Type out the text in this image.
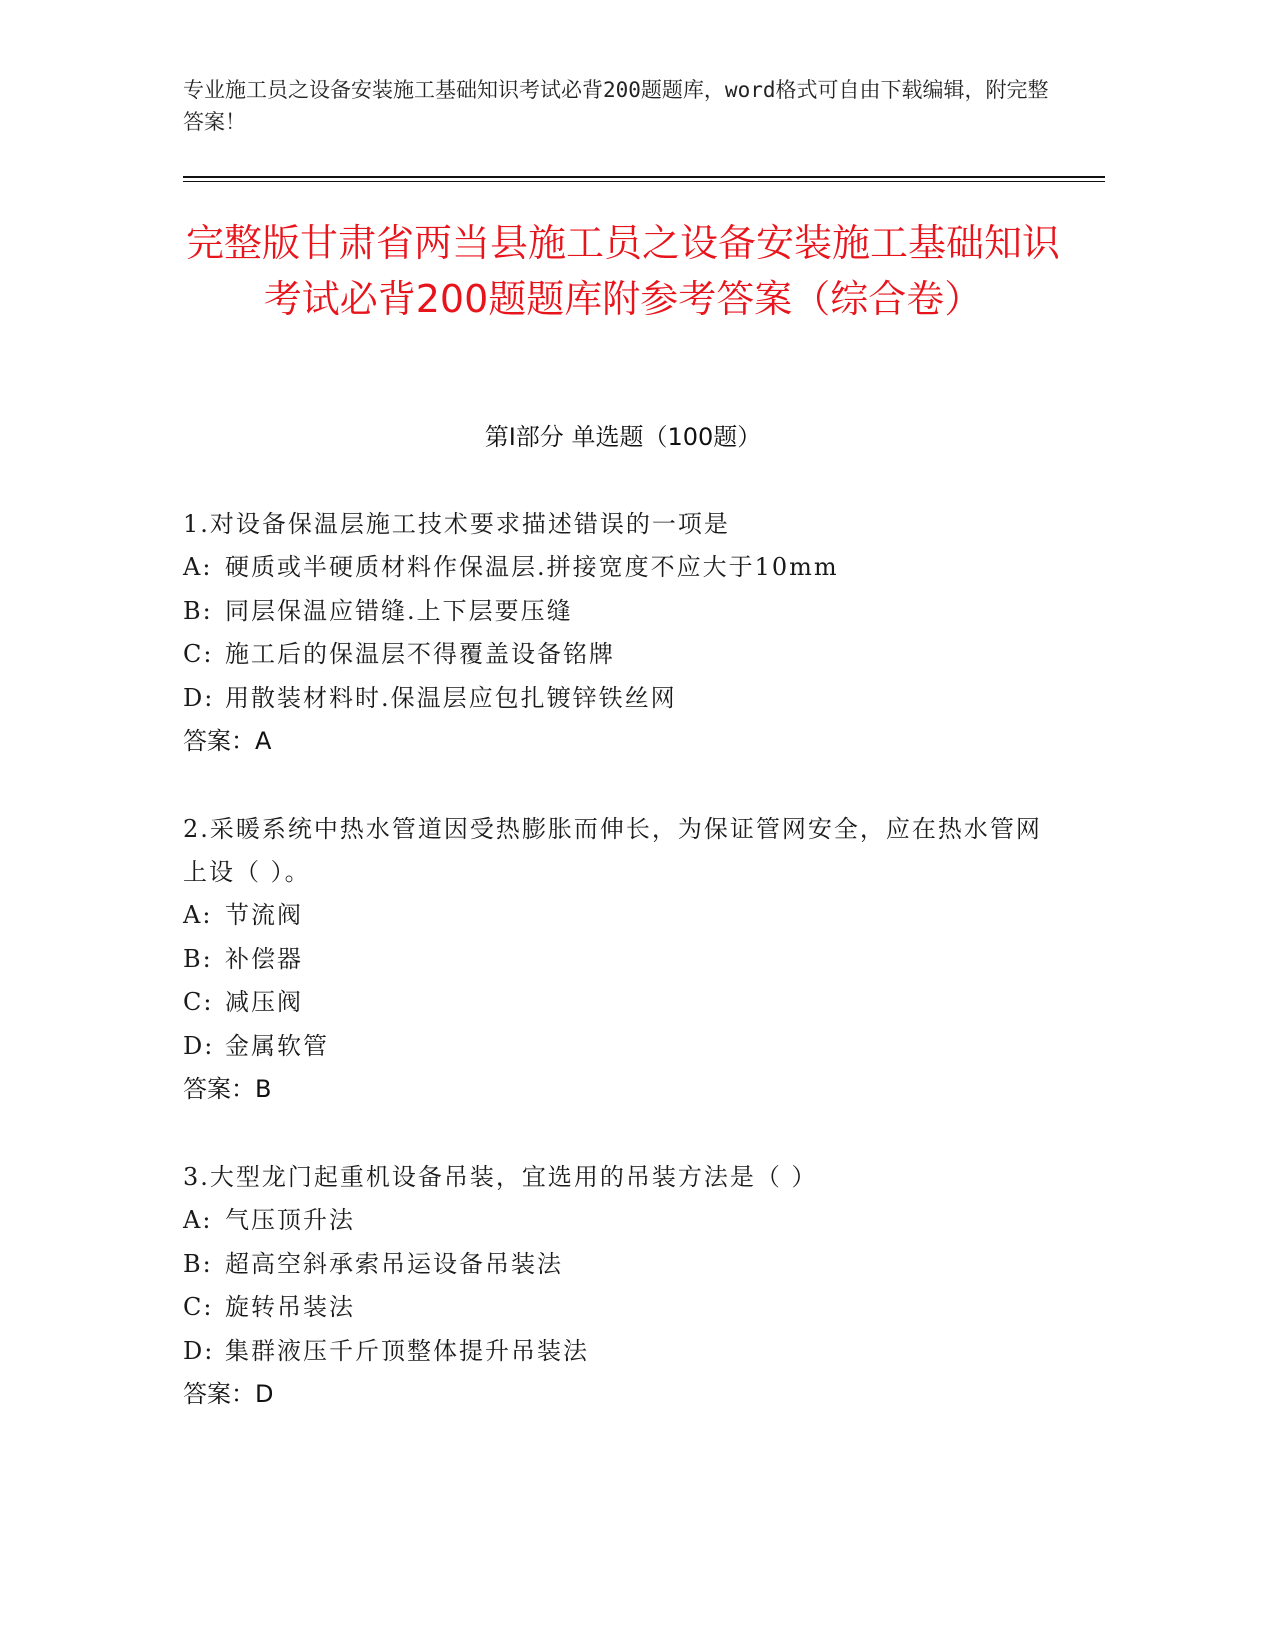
专业施工员之设备安装施工基础知识考试必背200题题库，word格式可自由下载编辑，附完整答案！

完整版甘肃省两当县施工员之设备安装施工基础知识考试必背200题题库附参考答案（综合卷）
第Ⅰ部分 单选题（100题）

1.对设备保温层施工技术要求描述错误的一项是

A: 硬质或半硬质材料作保温层.拼接宽度不应大于10mm

B: 同层保温应错缝.上下层要压缝

C: 施工后的保温层不得覆盖设备铭牌

D: 用散装材料时.保温层应包扎镀锌铁丝网

答案：A

2.采暖系统中热水管道因受热膨胀而伸长，为保证管网安全，应在热水管网上设（ ）。

A: 节流阀

B: 补偿器

C: 减压阀

D: 金属软管

答案：B

3.大型龙门起重机设备吊装，宜选用的吊装方法是（ ）

A: 气压顶升法

B: 超高空斜承索吊运设备吊装法

C: 旋转吊装法

D: 集群液压千斤顶整体提升吊装法

答案：D
